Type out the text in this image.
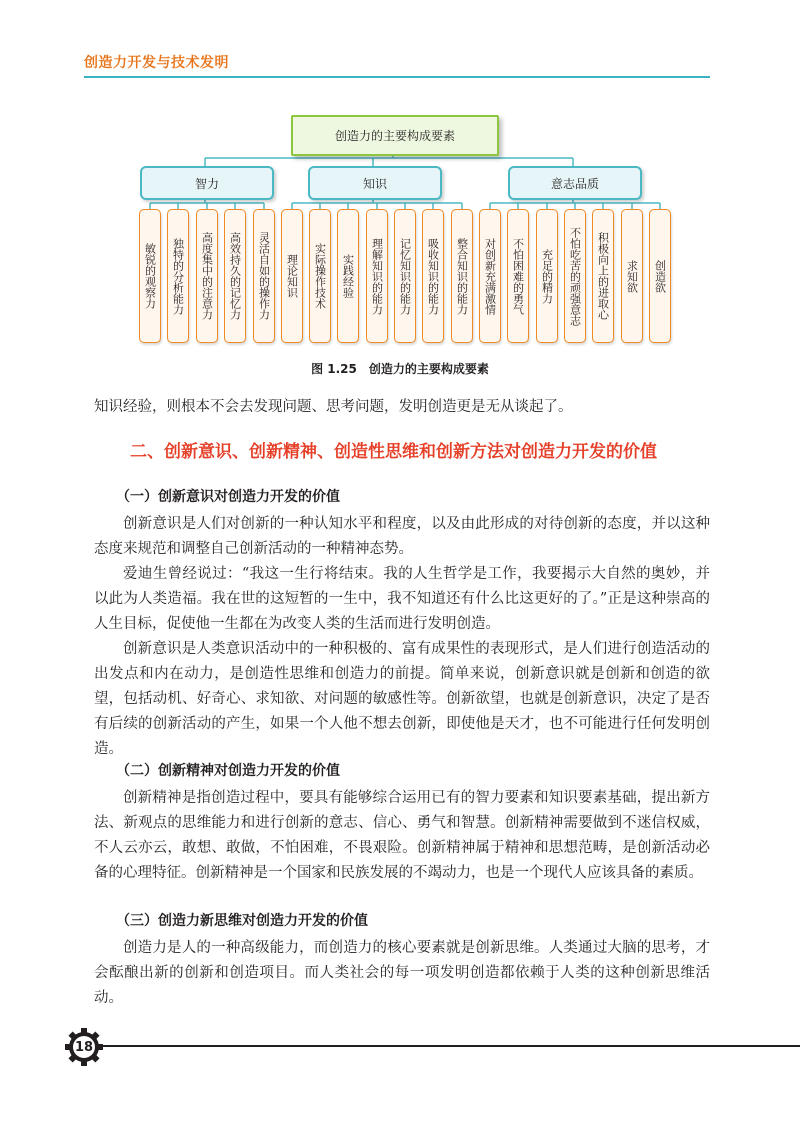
创造力开发与技术发明
创造力的主要构成要素
智力	知识	意志品质
敏锐的观察力	独特的分析能力	高度集中的注意力	高效持久的记忆力	灵活自如的操作力	理论知识	实际操作技术	实践经验	理解知识的能力	记忆知识的能力	吸收知识的能力	整合知识的能力	对创新充满激情	不怕困难的勇气	充足的精力	不怕吃苦的顽强意志	积极向上的进取心	求知欲	创造欲
图 1.25　创造力的主要构成要素
知识经验，则根本不会去发现问题、思考问题，发明创造更是无从谈起了。
二、创新意识、创新精神、创造性思维和创新方法对创造力开发的价值
（一）创新意识对创造力开发的价值
创新意识是人们对创新的一种认知水平和程度，以及由此形成的对待创新的态度，并以这种态度来规范和调整自己创新活动的一种精神态势。
爱迪生曾经说过：“我这一生行将结束。我的人生哲学是工作，我要揭示大自然的奥妙，并以此为人类造福。我在世的这短暂的一生中，我不知道还有什么比这更好的了。”正是这种崇高的人生目标，促使他一生都在为改变人类的生活而进行发明创造。
创新意识是人类意识活动中的一种积极的、富有成果性的表现形式，是人们进行创造活动的出发点和内在动力，是创造性思维和创造力的前提。简单来说，创新意识就是创新和创造的欲望，包括动机、好奇心、求知欲、对问题的敏感性等。创新欲望，也就是创新意识，决定了是否有后续的创新活动的产生，如果一个人他不想去创新，即使他是天才，也不可能进行任何发明创造。
（二）创新精神对创造力开发的价值
创新精神是指创造过程中，要具有能够综合运用已有的智力要素和知识要素基础，提出新方法、新观点的思维能力和进行创新的意志、信心、勇气和智慧。创新精神需要做到不迷信权威，不人云亦云，敢想、敢做，不怕困难，不畏艰险。创新精神属于精神和思想范畴，是创新活动必备的心理特征。创新精神是一个国家和民族发展的不竭动力，也是一个现代人应该具备的素质。
（三）创造力新思维对创造力开发的价值
创造力是人的一种高级能力，而创造力的核心要素就是创新思维。人类通过大脑的思考，才会酝酿出新的创新和创造项目。而人类社会的每一项发明创造都依赖于人类的这种创新思维活动。
18
